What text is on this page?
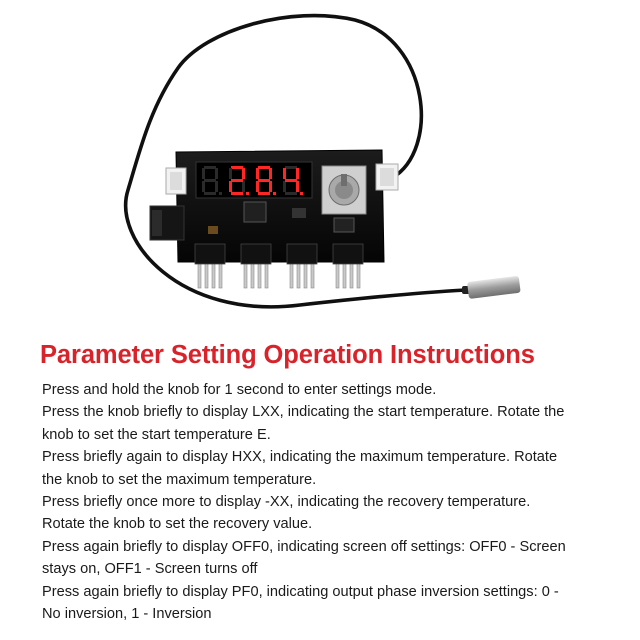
Parameter Setting Operation Instructions
Press and hold the knob for 1 second to enter settings mode.
Press the knob briefly to display LXX, indicating the start temperature. Rotate the
knob to set the start temperature E.
Press briefly again to display HXX, indicating the maximum temperature. Rotate
the knob to set the maximum temperature.
Press briefly once more to display -XX, indicating the recovery temperature.
Rotate the knob to set the recovery value.
Press again briefly to display OFF0, indicating screen off settings: OFF0 - Screen
stays on, OFF1 - Screen turns off
Press again briefly to display PF0, indicating output phase inversion settings: 0 -
No inversion, 1 - Inversion
